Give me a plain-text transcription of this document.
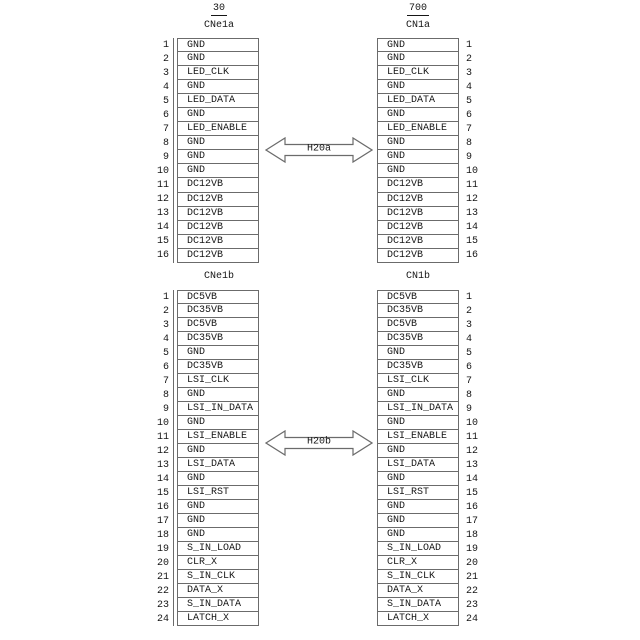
30	700
CNe1a	CN1a
1	GND
2	GND
3	LED_CLK
4	GND
5	LED_DATA
6	GND
7	LED_ENABLE
8	GND
9	GND
10	GND
11	DC12VB
12	DC12VB
13	DC12VB
14	DC12VB
15	DC12VB
16	DC12VB
GND	1
GND	2
LED_CLK	3
GND	4
LED_DATA	5
GND	6
LED_ENABLE	7
GND	8
GND	9
GND	10
DC12VB	11
DC12VB	12
DC12VB	13
DC12VB	14
DC12VB	15
DC12VB	16
H20a
CNe1b	CN1b
1	DC5VB
2	DC35VB
3	DC5VB
4	DC35VB
5	GND
6	DC35VB
7	LSI_CLK
8	GND
9	LSI_IN_DATA
10	GND
11	LSI_ENABLE
12	GND
13	LSI_DATA
14	GND
15	LSI_RST
16	GND
17	GND
18	GND
19	S_IN_LOAD
20	CLR_X
21	S_IN_CLK
22	DATA_X
23	S_IN_DATA
24	LATCH_X
DC5VB	1
DC35VB	2
DC5VB	3
DC35VB	4
GND	5
DC35VB	6
LSI_CLK	7
GND	8
LSI_IN_DATA	9
GND	10
LSI_ENABLE	11
GND	12
LSI_DATA	13
GND	14
LSI_RST	15
GND	16
GND	17
GND	18
S_IN_LOAD	19
CLR_X	20
S_IN_CLK	21
DATA_X	22
S_IN_DATA	23
LATCH_X	24
H20b
